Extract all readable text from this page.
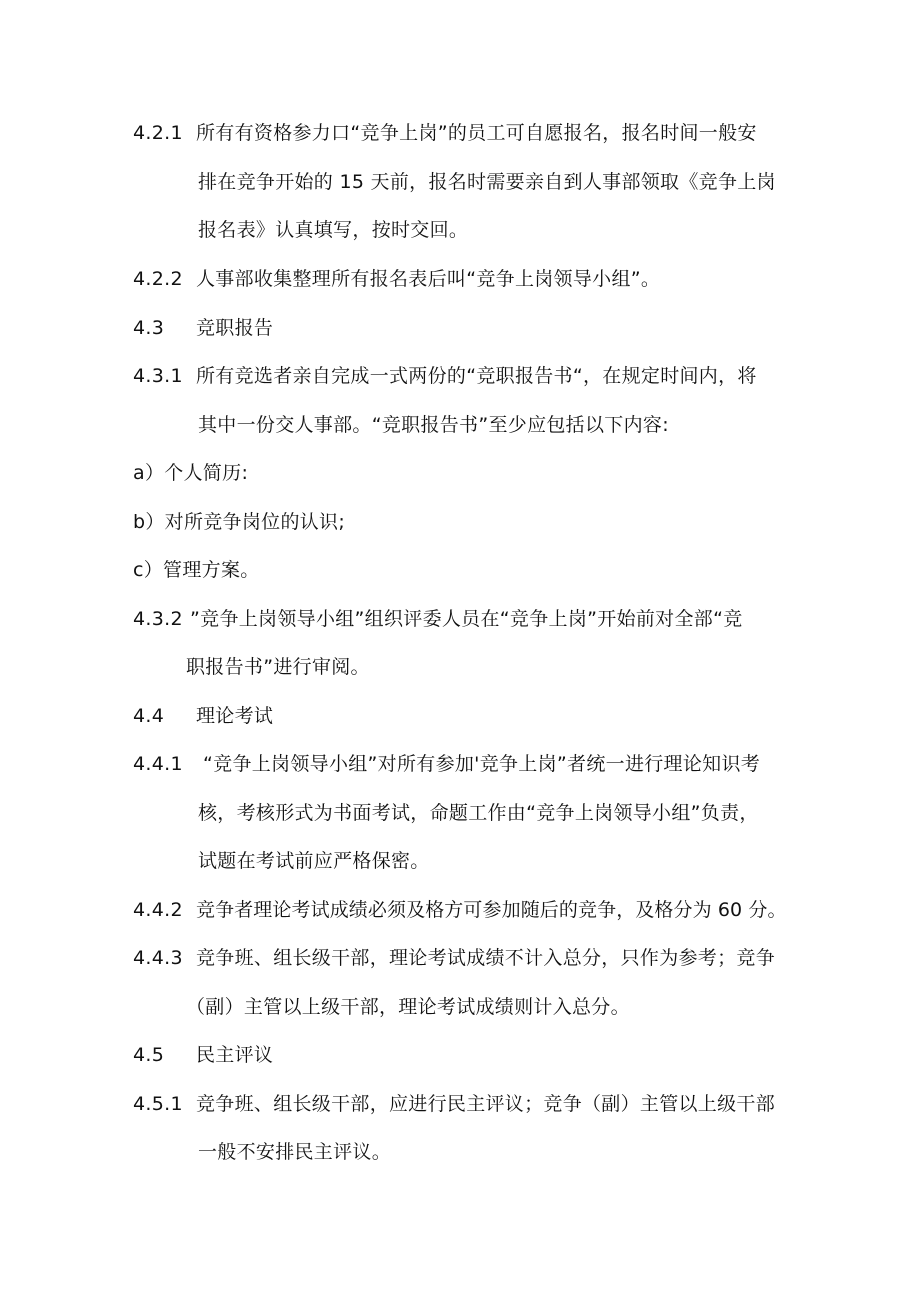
4.2.1 所有有资格参力口“竞争上岗”的员工可自愿报名，报名时间一般安
排在竞争开始的 15 天前，报名时需要亲自到人事部领取《竞争上岗
报名表》认真填写，按时交回。
4.2.2 人事部收集整理所有报名表后叫“竞争上岗领导小组”。
4.3 竞职报告
4.3.1 所有竞选者亲自完成一式两份的“竞职报告书“，在规定时间内，将
其中一份交人事部。“竞职报告书”至少应包括以下内容:
a）个人简历:
b）对所竞争岗位的认识;
c）管理方案。
4.3.2 ”竞争上岗领导小组”组织评委人员在“竞争上岗”开始前对全部“竞
职报告书”进行审阅。
4.4 理论考试
4.4.1 “竞争上岗领导小组”对所有参加'竞争上岗”者统一进行理论知识考
核，考核形式为书面考试，命题工作由“竞争上岗领导小组”负责，
试题在考试前应严格保密。
4.4.2 竞争者理论考试成绩必须及格方可参加随后的竞争，及格分为 60 分。
4.4.3 竞争班、组长级干部，理论考试成绩不计入总分，只作为参考；竞争
（副）主管以上级干部，理论考试成绩则计入总分。
4.5 民主评议
4.5.1 竞争班、组长级干部，应进行民主评议；竞争（副）主管以上级干部
一般不安排民主评议。
